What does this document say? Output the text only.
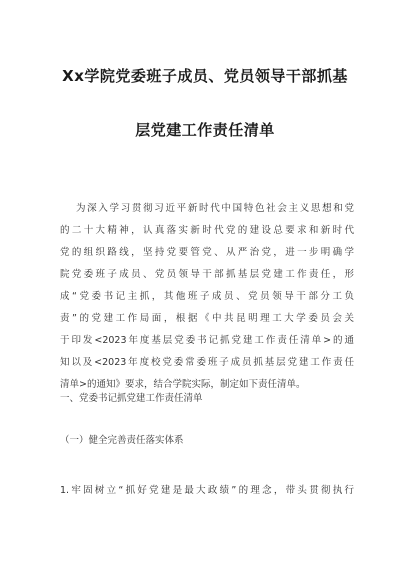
Xx学院党委班子成员、党员领导干部抓基
层党建工作责任清单
为深入学习贯彻习近平新时代中国特色社会主义思想和党
的二十大精神，认真落实新时代党的建设总要求和新时代
党的组织路线，坚持党要管党、从严治党，进一步明确学
院党委班子成员、党员领导干部抓基层党建工作责任，形
成“党委书记主抓，其他班子成员、党员领导干部分工负
责”的党建工作局面，根据《中共昆明理工大学委员会关
于印发<2023年度基层党委书记抓党建工作责任清单>的通
知以及<2023年度校党委常委班子成员抓基层党建工作责任
清单>的通知》要求，结合学院实际，制定如下责任清单。
一、党委书记抓党建工作责任清单
（一）健全完善责任落实体系
1.牢固树立“抓好党建是最大政绩”的理念，带头贯彻执行
